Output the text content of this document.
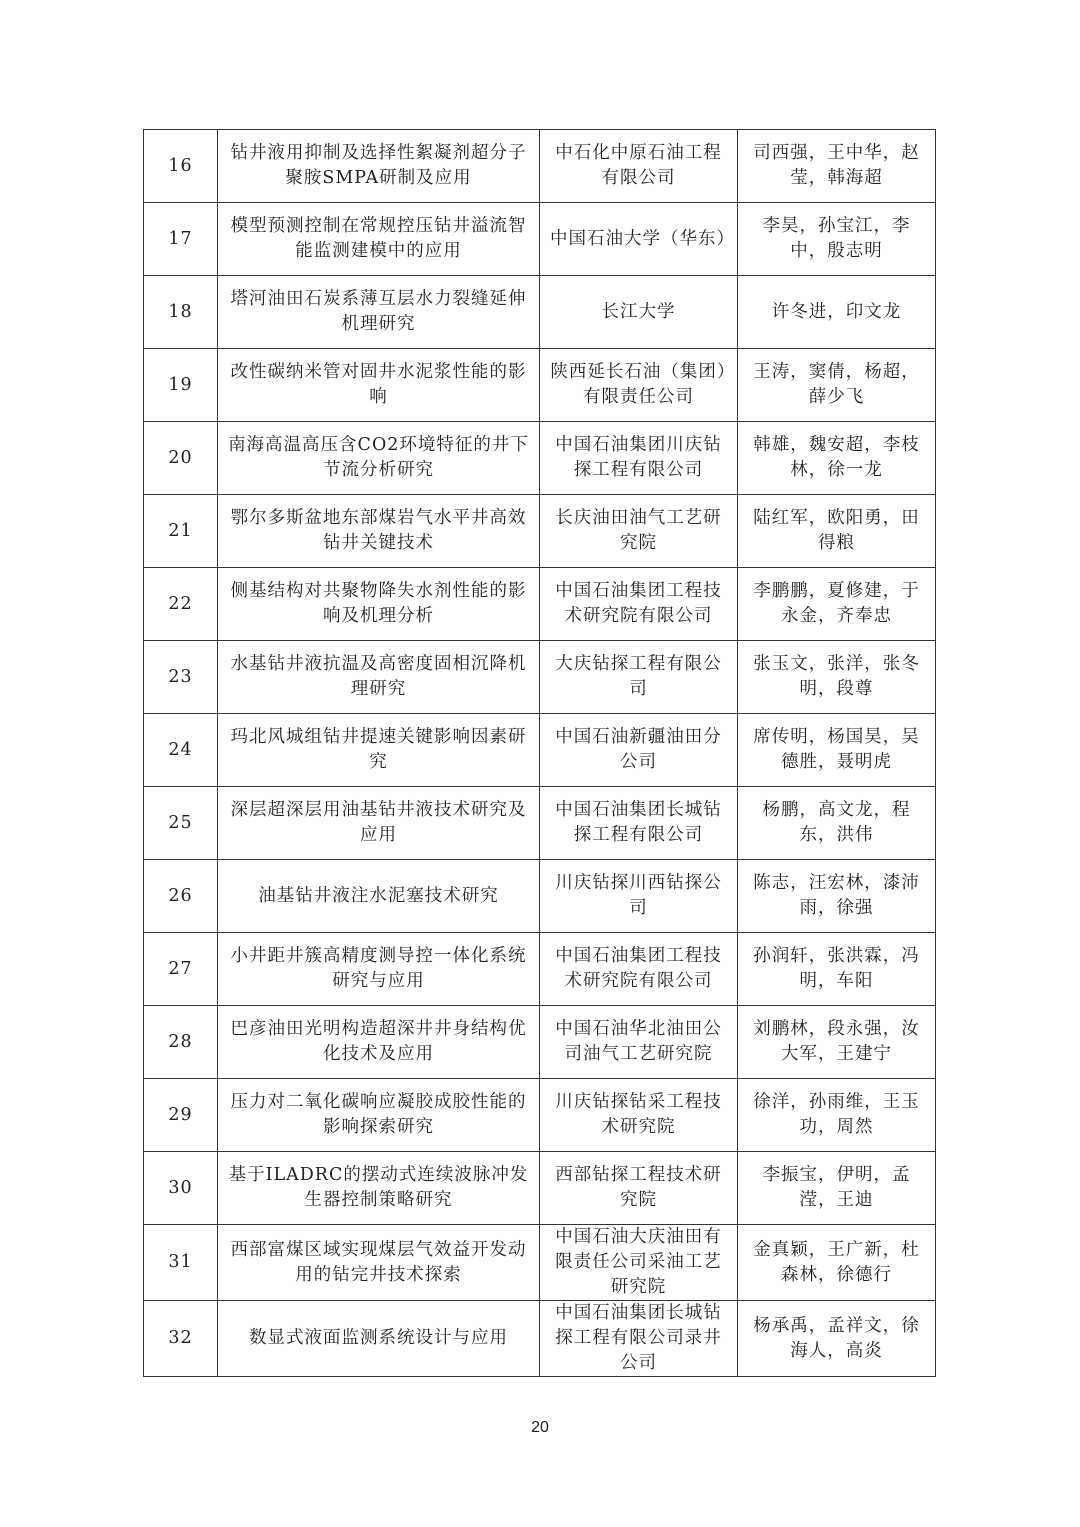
16	钻井液用抑制及选择性絮凝剂超分子聚胺SMPA研制及应用	中石化中原石油工程有限公司	司西强，王中华，赵莹，韩海超
17	模型预测控制在常规控压钻井溢流智能监测建模中的应用	中国石油大学（华东）	李昊，孙宝江，李中，殷志明
18	塔河油田石炭系薄互层水力裂缝延伸机理研究	长江大学	许冬进，印文龙
19	改性碳纳米管对固井水泥浆性能的影响	陕西延长石油（集团）有限责任公司	王涛，窦倩，杨超，薛少飞
20	南海高温高压含CO2环境特征的井下节流分析研究	中国石油集团川庆钻探工程有限公司	韩雄，魏安超，李枝林，徐一龙
21	鄂尔多斯盆地东部煤岩气水平井高效钻井关键技术	长庆油田油气工艺研究院	陆红军，欧阳勇，田得粮
22	侧基结构对共聚物降失水剂性能的影响及机理分析	中国石油集团工程技术研究院有限公司	李鹏鹏，夏修建，于永金，齐奉忠
23	水基钻井液抗温及高密度固相沉降机理研究	大庆钻探工程有限公司	张玉文，张洋，张冬明，段尊
24	玛北风城组钻井提速关键影响因素研究	中国石油新疆油田分公司	席传明，杨国昊，吴德胜，聂明虎
25	深层超深层用油基钻井液技术研究及应用	中国石油集团长城钻探工程有限公司	杨鹏，高文龙，程东，洪伟
26	油基钻井液注水泥塞技术研究	川庆钻探川西钻探公司	陈志，汪宏林，漆沛雨，徐强
27	小井距井簇高精度测导控一体化系统研究与应用	中国石油集团工程技术研究院有限公司	孙润轩，张洪霖，冯明，车阳
28	巴彦油田光明构造超深井井身结构优化技术及应用	中国石油华北油田公司油气工艺研究院	刘鹏林，段永强，汝大军，王建宁
29	压力对二氧化碳响应凝胶成胶性能的影响探索研究	川庆钻探钻采工程技术研究院	徐洋，孙雨维，王玉功，周然
30	基于ILADRC的摆动式连续波脉冲发生器控制策略研究	西部钻探工程技术研究院	李振宝，伊明，孟滢，王迪
31	西部富煤区域实现煤层气效益开发动用的钻完井技术探索	中国石油大庆油田有限责任公司采油工艺研究院	金真颖，王广新，杜森林，徐德行
32	数显式液面监测系统设计与应用	中国石油集团长城钻探工程有限公司录井公司	杨承禹，孟祥文，徐海人，高炎
20
